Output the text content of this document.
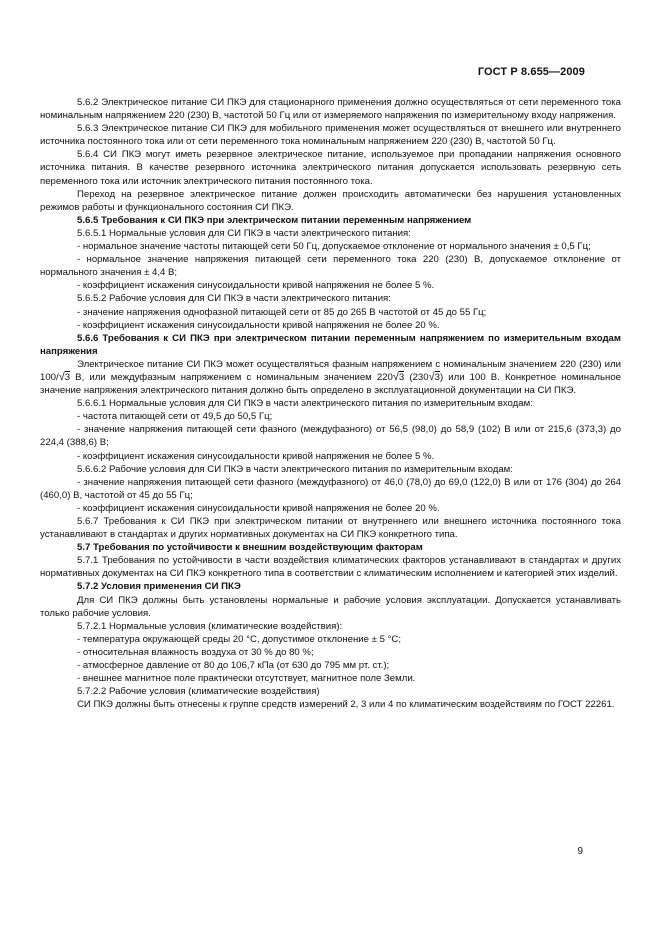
ГОСТ Р 8.655—2009

5.6.2 Электрическое питание СИ ПКЭ для стационарного применения должно осуществляться от сети переменного тока номинальным напряжением 220 (230) В, частотой 50 Гц или от измеряемого напряжения по измерительному входу напряжения.

5.6.3 Электрическое питание СИ ПКЭ для мобильного применения может осуществляться от внешнего или внутреннего источника постоянного тока или от сети переменного тока номинальным напряжением 220 (230) В, частотой 50 Гц.

5.6.4 СИ ПКЭ могут иметь резервное электрическое питание, используемое при пропадании напряжения основного источника питания. В качестве резервного источника электрического питания допускается использовать резервную сеть переменного тока или источник электрического питания постоянного тока.

Переход на резервное электрическое питание должен происходить автоматически без нарушения установленных режимов работы и функционального состояния СИ ПКЭ.

5.6.5 Требования к СИ ПКЭ при электрическом питании переменным напряжением

5.6.5.1 Нормальные условия для СИ ПКЭ в части электрического питания:

- нормальное значение частоты питающей сети 50 Гц, допускаемое отклонение от нормального значения ± 0,5 Гц;

- нормальное значение напряжения питающей сети переменного тока 220 (230) В, допускаемое отклонение от нормального значения ± 4,4 В;

- коэффициент искажения синусоидальности кривой напряжения не более 5 %.

5.6.5.2 Рабочие условия для СИ ПКЭ в части электрического питания:

- значение напряжения однофазной питающей сети от 85 до 265 В частотой от 45 до 55 Гц;

- коэффициент искажения синусоидальности кривой напряжения не более 20 %.

5.6.6 Требования к СИ ПКЭ при электрическом питании переменным напряжением по измерительным входам напряжения

Электрическое питание СИ ПКЭ может осуществляться фазным напряжением с номинальным значением 220 (230) или 100/√3 В, или междуфазным напряжением с номинальным значением 220√3 (230√3) или 100 В. Конкретное номинальное значение напряжения электрического питания должно быть определено в эксплуатационной документации на СИ ПКЭ.

5.6.6.1 Нормальные условия для СИ ПКЭ в части электрического питания по измерительным входам:

- частота питающей сети от 49,5 до 50,5 Гц;

- значение напряжения питающей сети фазного (междуфазного) от 56,5 (98,0) до 58,9 (102) В или от 215,6 (373,3) до 224,4 (388,6) В;

- коэффициент искажения синусоидальности кривой напряжения не более 5 %.

5.6.6.2 Рабочие условия для СИ ПКЭ в части электрического питания по измерительным входам:

- значение напряжения питающей сети фазного (междуфазного) от 46,0 (78,0) до 69,0 (122,0) В или от 176 (304) до 264 (460,0) В, частотой от 45 до 55 Гц;

- коэффициент искажения синусоидальности кривой напряжения не более 20 %.

5.6.7 Требования к СИ ПКЭ при электрическом питании от внутреннего или внешнего источника постоянного тока устанавливают в стандартах и других нормативных документах на СИ ПКЭ конкретного типа.

5.7 Требования по устойчивости к внешним воздействующим факторам

5.7.1 Требования по устойчивости в части воздействия климатических факторов устанавливают в стандартах и других нормативных документах на СИ ПКЭ конкретного типа в соответствии с климатическим исполнением и категорией этих изделий.

5.7.2 Условия применения СИ ПКЭ

Для СИ ПКЭ должны быть установлены нормальные и рабочие условия эксплуатации. Допускается устанавливать только рабочие условия.

5.7.2.1 Нормальные условия (климатические воздействия):

- температура окружающей среды 20 °С, допустимое отклонение ± 5 °С;

- относительная влажность воздуха от 30 % до 80 %;

- атмосферное давление от 80 до 106,7 кПа (от 630 до 795 мм рт. ст.);

- внешнее магнитное поле практически отсутствует, магнитное поле Земли.

5.7.2.2 Рабочие условия (климатические воздействия)

СИ ПКЭ должны быть отнесены к группе средств измерений 2, 3 или 4 по климатическим воздействиям по ГОСТ 22261.

9
